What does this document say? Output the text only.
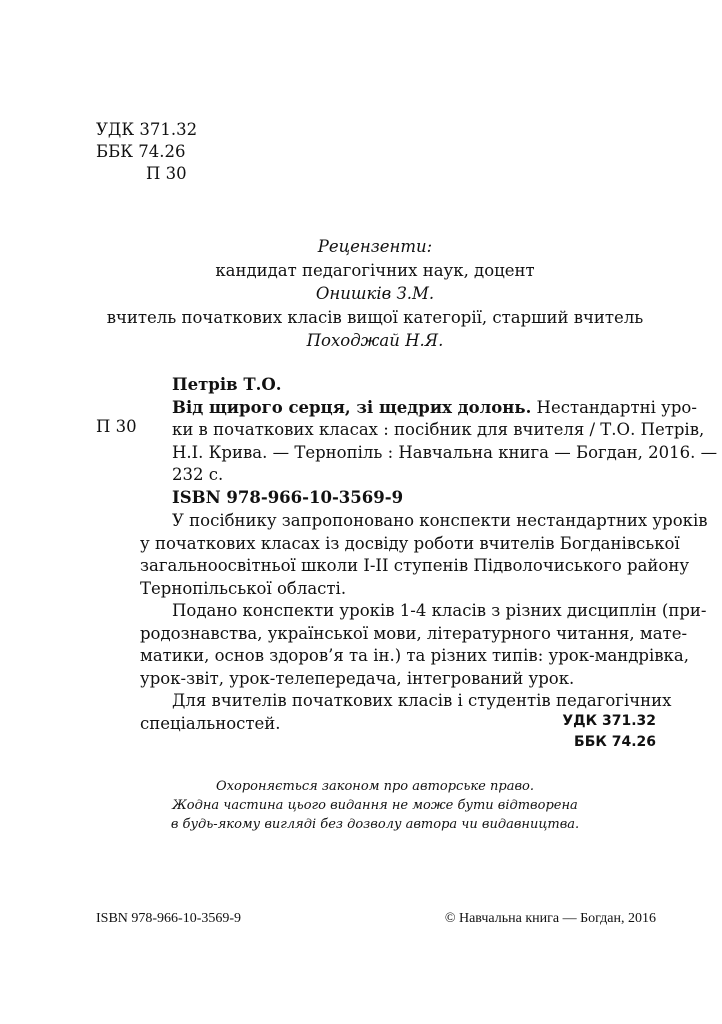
УДК 371.32
ББК 74.26
П 30
Рецензенти:
кандидат педагогічних наук, доцент
Онишків З.М.
вчитель початкових класів вищої категорії, старший вчитель
Походжай Н.Я.
П 30
Петрів Т.О.
Від щирого серця, зі щедрих долонь. Нестандартні уро-
ки в початкових класах : посібник для вчителя / Т.О. Петрів,
Н.І. Крива. — Тернопіль : Навчальна книга — Богдан, 2016. —
232 с.
ISBN 978-966-10-3569-9
У посібнику запропоновано конспекти нестандартних уроків
у початкових класах із досвіду роботи вчителів Богданівської
загальноосвітньої школи І-ІІ ступенів Підволочиського району
Тернопільської області.
Подано конспекти уроків 1-4 класів з різних дисциплін (при-
родознавства, української мови, літературного читання, мате-
матики, основ здоров’я та ін.) та різних типів: урок-мандрівка,
урок-звіт, урок-телепередача, інтегрований урок.
Для вчителів початкових класів і студентів педагогічних
спеціальностей.	УДК 371.32
ББК 74.26
Охороняється законом про авторське право.
Жодна частина цього видання не може бути відтворена
в будь-якому вигляді без дозволу автора чи видавництва.
ISBN 978-966-10-3569-9	© Навчальна книга — Богдан, 2016
